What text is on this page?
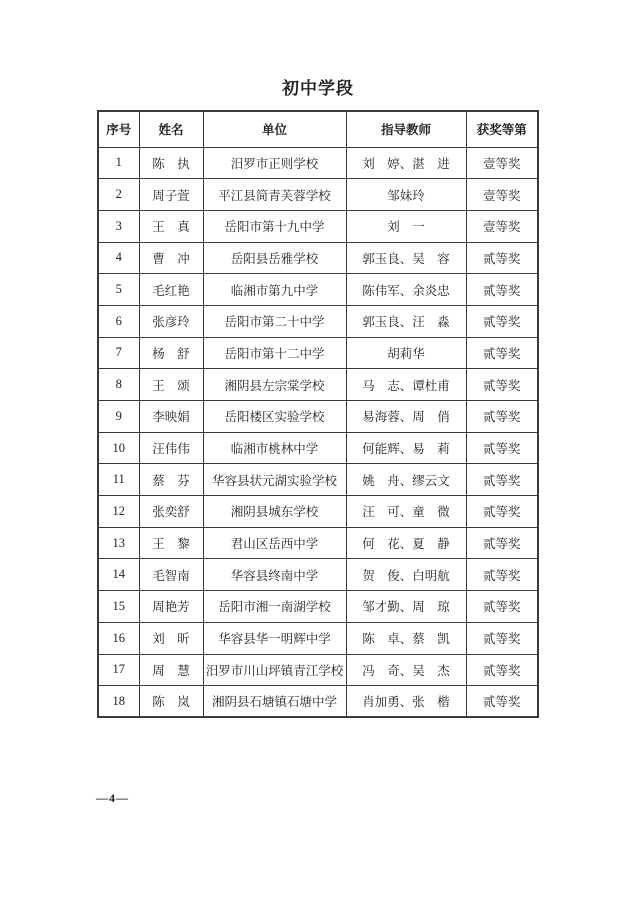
初中学段
序号	姓名	单位	指导教师	获奖等第
1	陈　执	汨罗市正则学校	刘　婷、湛　进	壹等奖
2	周子萱	平江县简青芙蓉学校	邹妹玲	壹等奖
3	王　真	岳阳市第十九中学	刘　一	壹等奖
4	曹　冲	岳阳县岳雅学校	郭玉良、吴　容	贰等奖
5	毛红艳	临湘市第九中学	陈伟军、余炎忠	贰等奖
6	张彦玲	岳阳市第二十中学	郭玉良、汪　淼	贰等奖
7	杨　舒	岳阳市第十二中学	胡莉华	贰等奖
8	王　颂	湘阴县左宗棠学校	马　志、谭杜甫	贰等奖
9	李映娟	岳阳楼区实验学校	易海蓉、周　俏	贰等奖
10	汪伟伟	临湘市桃林中学	何能辉、易　莉	贰等奖
11	蔡　芬	华容县状元湖实验学校	姚　舟、缪云文	贰等奖
12	张奕舒	湘阴县城东学校	汪　可、童　微	贰等奖
13	王　黎	君山区岳西中学	何　花、夏　静	贰等奖
14	毛智南	华容县终南中学	贺　俊、白明航	贰等奖
15	周艳芳	岳阳市湘一南湖学校	邹才勤、周　琼	贰等奖
16	刘　昕	华容县华一明辉中学	陈　卓、蔡　凯	贰等奖
17	周　慧	汨罗市川山坪镇青江学校	冯　奇、吴　杰	贰等奖
18	陈　岚	湘阴县石塘镇石塘中学	肖加勇、张　楷	贰等奖
—4—
